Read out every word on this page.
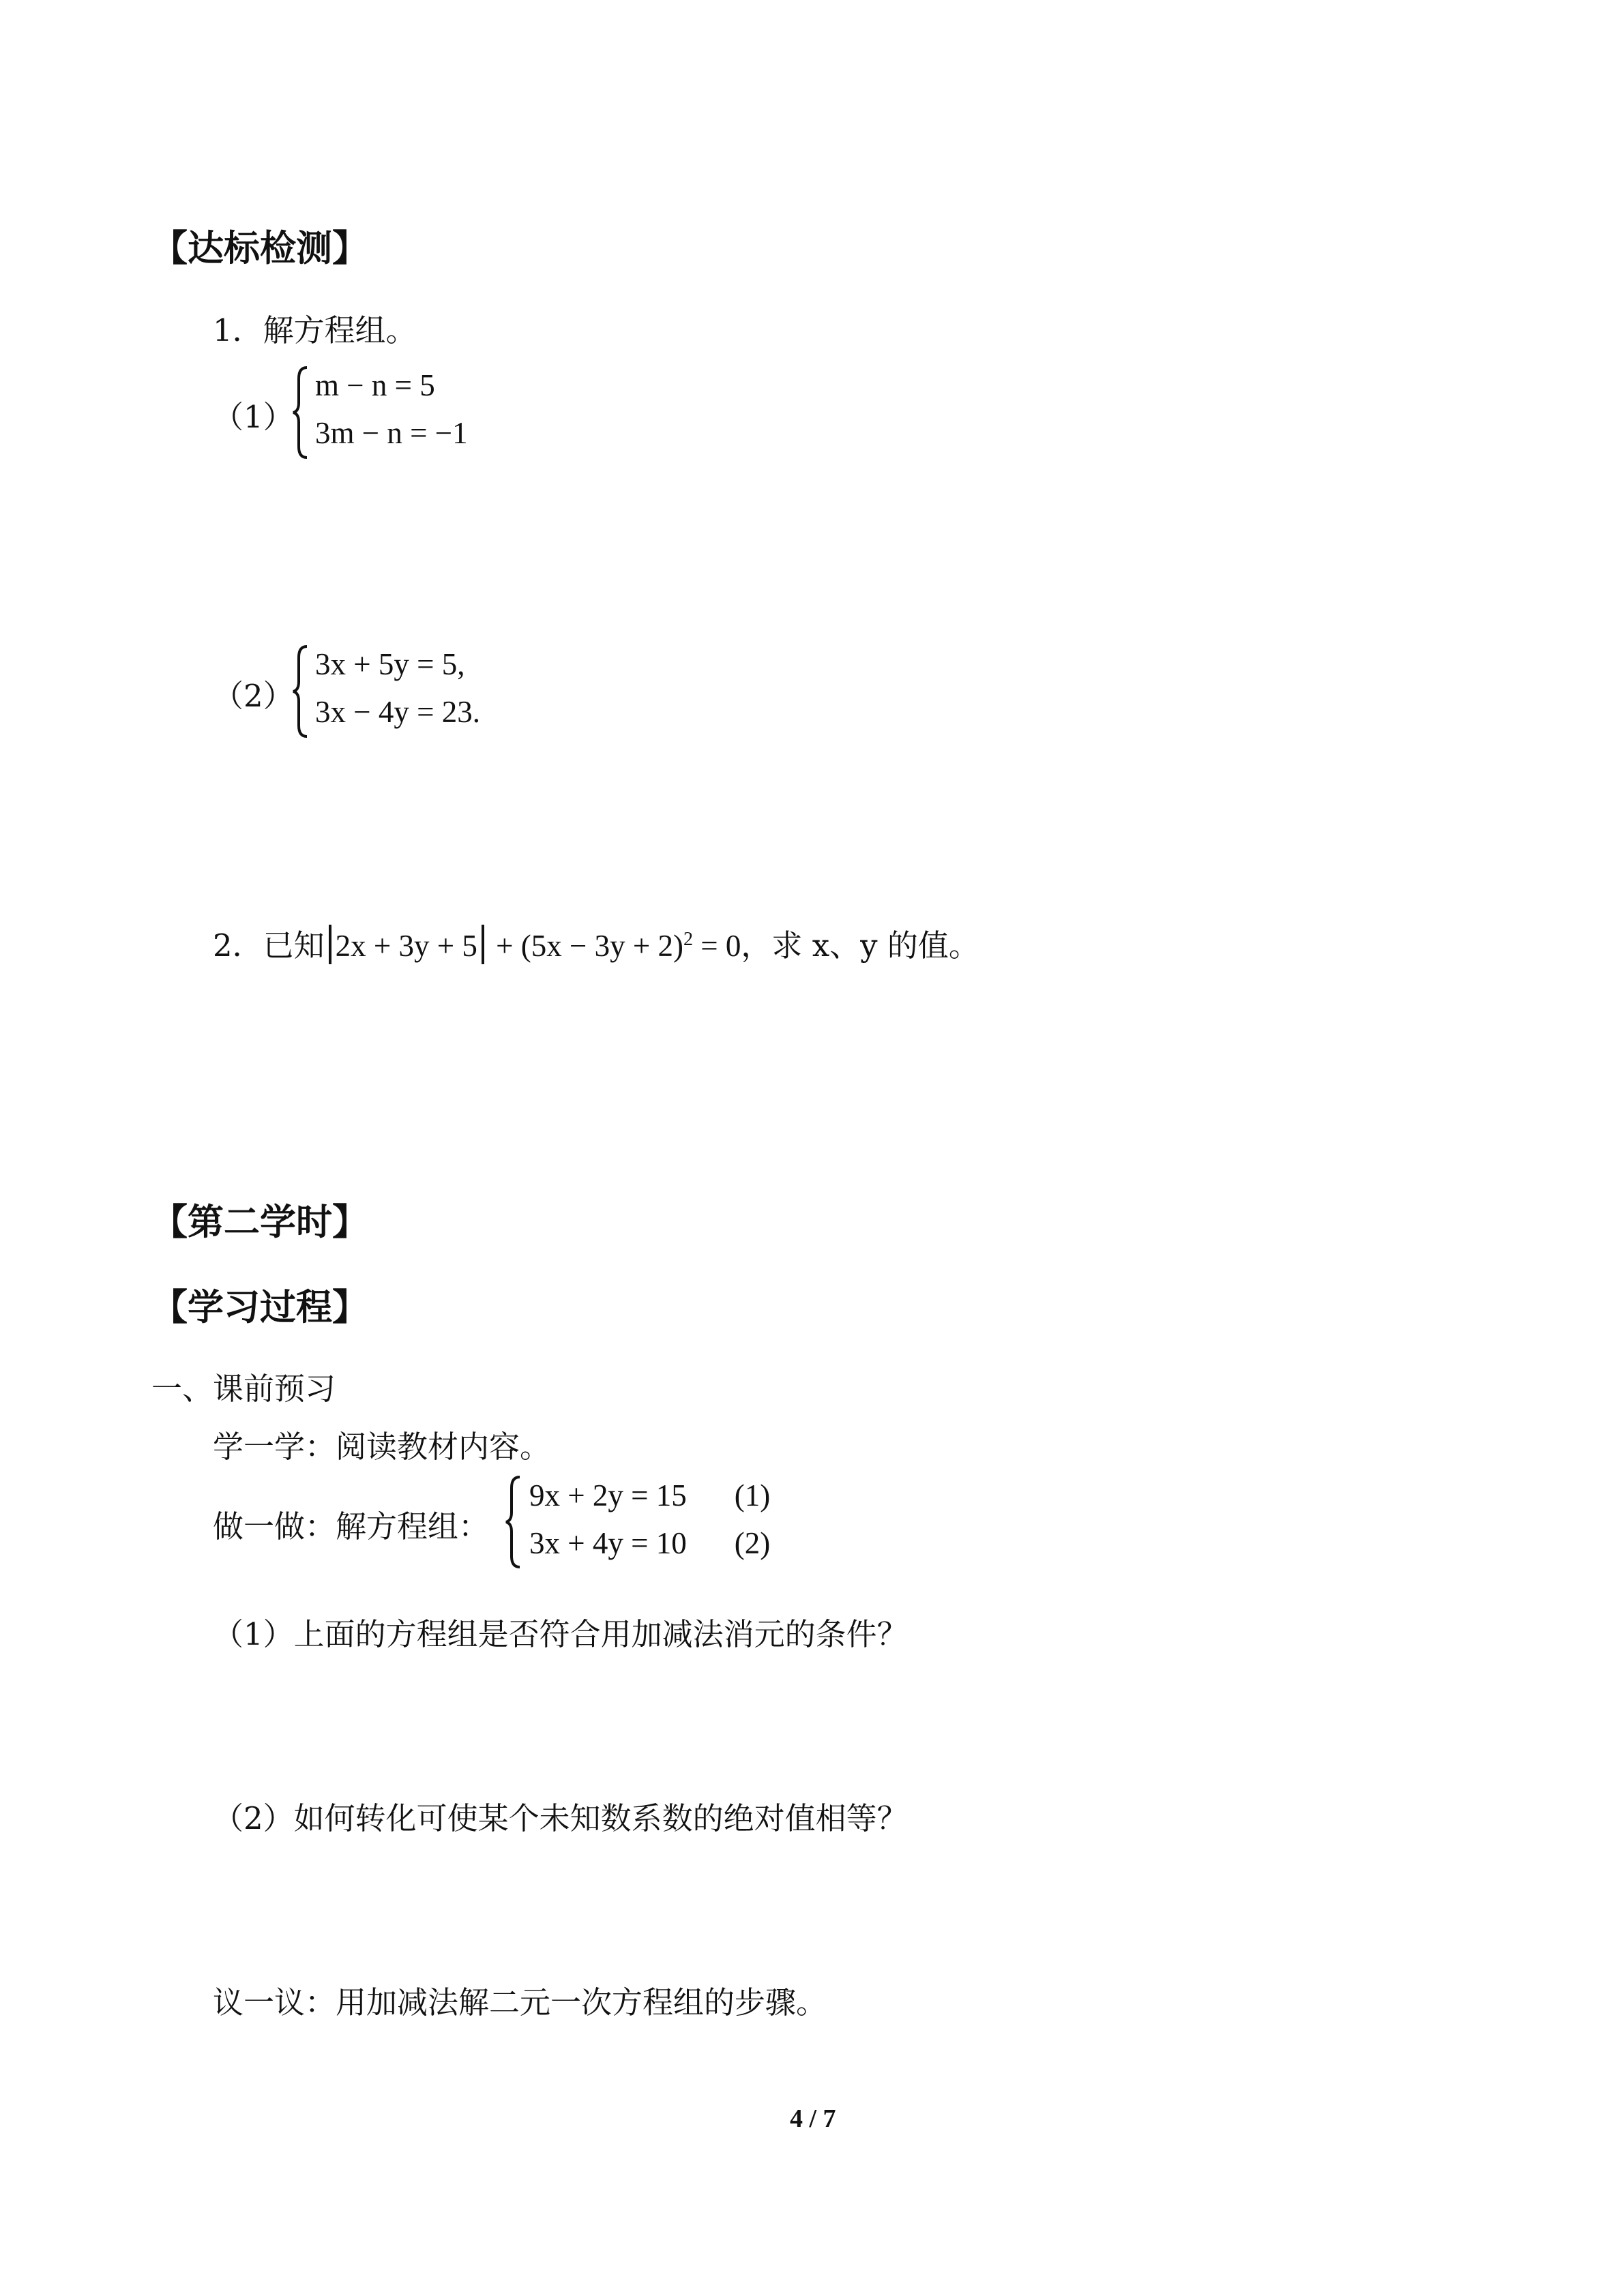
【达标检测】
1．解方程组。
（1）
m − n = 5
3m − n = −1
（2）
3x + 5y = 5,
3x − 4y = 23.
2．已知 $2x + 3y + 5 + (5x - 3y + 2)^2 = 0$，求 x、y 的值。
【第二学时】
【学习过程】
一、课前预习
学一学：阅读教材内容。
做一做：解方程组：
9x + 2y = 15 (1)
3x + 4y = 10 (2)
（1）上面的方程组是否符合用加减法消元的条件？
（2）如何转化可使某个未知数系数的绝对值相等？
议一议：用加减法解二元一次方程组的步骤。
4 / 7
